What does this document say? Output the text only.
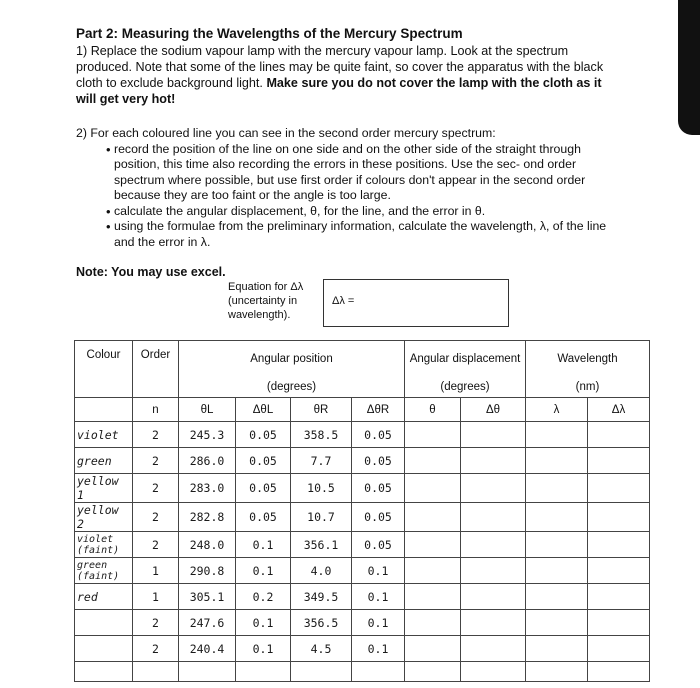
Part 2: Measuring the Wavelengths of the Mercury Spectrum
1) Replace the sodium vapour lamp with the mercury vapour lamp. Look at the spectrum produced. Note that some of the lines may be quite faint, so cover the apparatus with the black cloth to exclude background light. Make sure you do not cover the lamp with the cloth as it will get very hot!
2) For each coloured line you can see in the second order mercury spectrum:
• record the position of the line on one side and on the other side of the straight through position, this time also recording the errors in these positions. Use the sec- ond order spectrum where possible, but use first order if colours don't appear in the second order because they are too faint or the angle is too large.
• calculate the angular displacement, θ, for the line, and the error in θ.
• using the formulae from the preliminary information, calculate the wavelength, λ, of the line and the error in λ.
Note: You may use excel.
Equation for Δλ (uncertainty in wavelength).
Δλ =
Colour	Order	Angular position				Angular displacement		Wavelength	
		(degrees)				(degrees)		(nm)	
	n	θL	ΔθL	θR	ΔθR	θ	Δθ	λ	Δλ
violet	2	245.3	0.05	358.5	0.05				
green	2	286.0	0.05	7.7	0.05				
yellow 1	2	283.0	0.05	10.5	0.05				
yellow 2	2	282.8	0.05	10.7	0.05				
violet (faint)	2	248.0	0.1	356.1	0.05				
green (faint)	1	290.8	0.1	4.0	0.1				
red	1	305.1	0.2	349.5	0.1				
	2	247.6	0.1	356.5	0.1				
	2	240.4	0.1	4.5	0.1				
